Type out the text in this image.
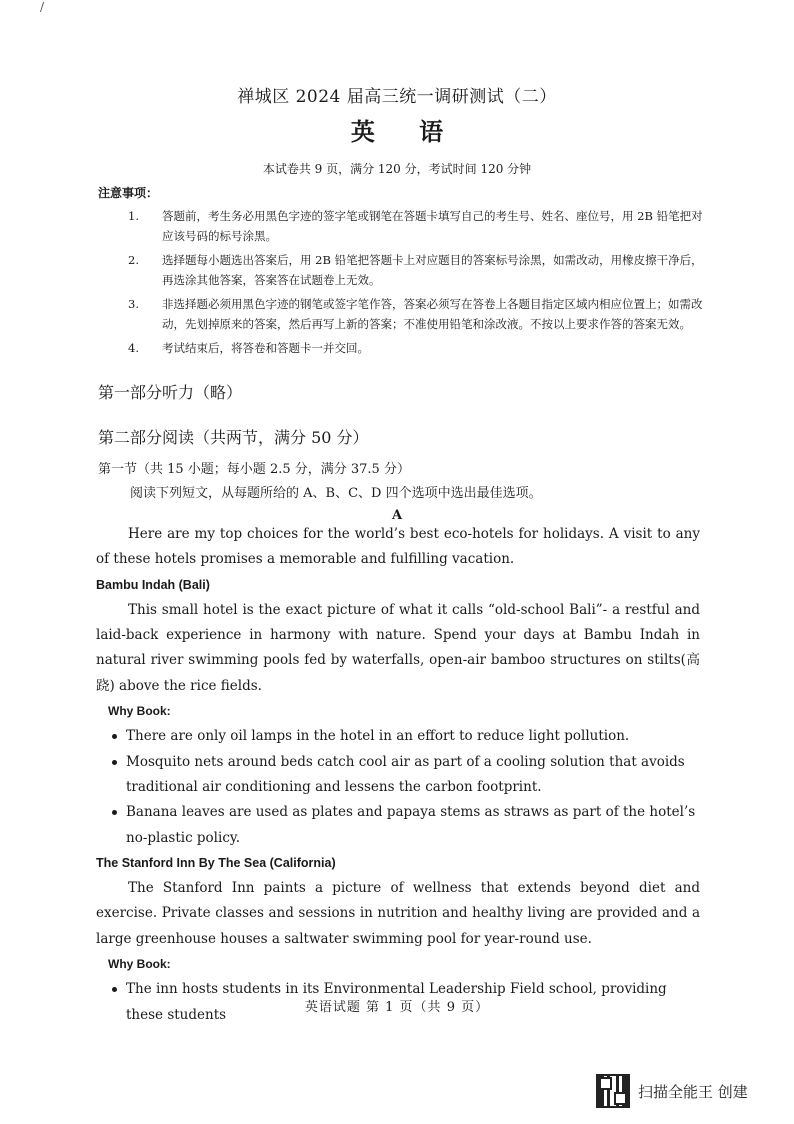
/
禅城区 2024 届高三统一调研测试（二）
英 语
本试卷共 9 页，满分 120 分，考试时间 120 分钟
注意事项：
1. 答题前，考生务必用黑色字迹的签字笔或钢笔在答题卡填写自己的考生号、姓名、座位号，用 2B 铅笔把对应该号码的标号涂黑。
2. 选择题每小题选出答案后，用 2B 铅笔把答题卡上对应题目的答案标号涂黑，如需改动，用橡皮擦干净后，再选涂其他答案，答案答在试题卷上无效。
3. 非选择题必须用黑色字迹的钢笔或签字笔作答，答案必须写在答卷上各题目指定区域内相应位置上；如需改动，先划掉原来的答案，然后再写上新的答案；不准使用铅笔和涂改液。不按以上要求作答的答案无效。
4. 考试结束后，将答卷和答题卡一并交回。
第一部分听力（略）
第二部分阅读（共两节，满分 50 分）
第一节（共 15 小题；每小题 2.5 分，满分 37.5 分）
阅读下列短文，从每题所给的 A、B、C、D 四个选项中选出最佳选项。
A

Here are my top choices for the world’s best eco-hotels for holidays. A visit to any of these hotels promises a memorable and fulfilling vacation.

Bambu Indah (Bali)

This small hotel is the exact picture of what it calls “old-school Bali”- a restful and laid-back experience in harmony with nature. Spend your days at Bambu Indah in natural river swimming pools fed by waterfalls, open-air bamboo structures on stilts(高跷) above the rice fields.

Why Book:

There are only oil lamps in the hotel in an effort to reduce light pollution.
Mosquito nets around beds catch cool air as part of a cooling solution that avoids traditional air conditioning and lessens the carbon footprint.
Banana leaves are used as plates and papaya stems as straws as part of the hotel’s no-plastic policy.

The Stanford Inn By The Sea (California)

The Stanford Inn paints a picture of wellness that extends beyond diet and exercise. Private classes and sessions in nutrition and healthy living are provided and a large greenhouse houses a saltwater swimming pool for year-round use.

Why Book:

The inn hosts students in its Environmental Leadership Field school, providing these students	英语试题 第 1 页（共 9 页）
扫描全能王 创建
